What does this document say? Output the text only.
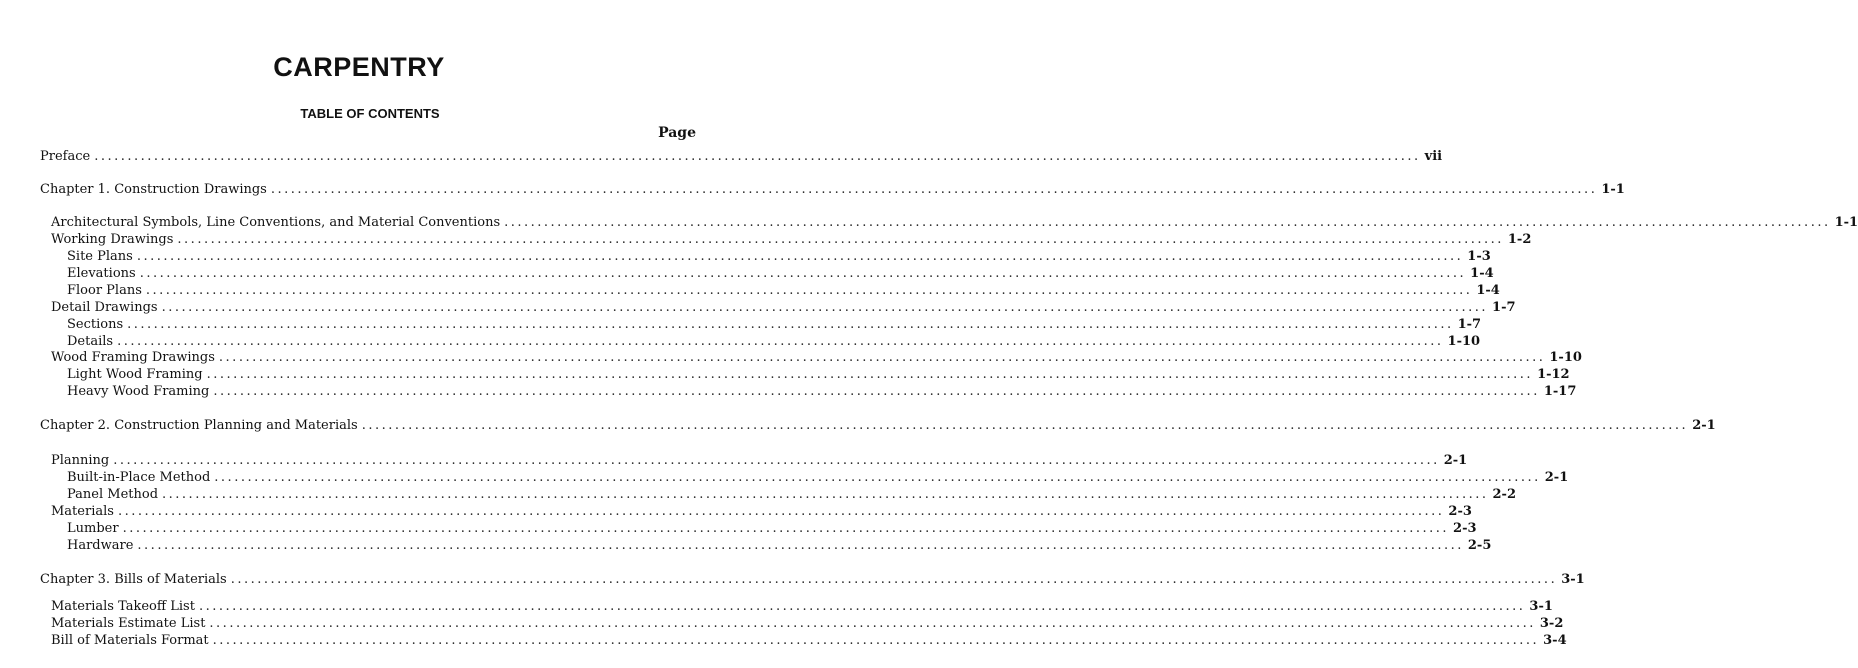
CARPENTRY
TABLE OF CONTENTS
Page
Preface ........................................................................................................................................................................................................ vii
Chapter 1. Construction Drawings ........................................................................................................................................................................................................ 1-1
Architectural Symbols, Line Conventions, and Material Conventions ........................................................................................................................................................................................................ 1-1
Working Drawings ........................................................................................................................................................................................................ 1-2
Site Plans ........................................................................................................................................................................................................ 1-3
Elevations ........................................................................................................................................................................................................ 1-4
Floor Plans ........................................................................................................................................................................................................ 1-4
Detail Drawings ........................................................................................................................................................................................................ 1-7
Sections ........................................................................................................................................................................................................ 1-7
Details ........................................................................................................................................................................................................ 1-10
Wood Framing Drawings ........................................................................................................................................................................................................ 1-10
Light Wood Framing ........................................................................................................................................................................................................ 1-12
Heavy Wood Framing ........................................................................................................................................................................................................ 1-17
Chapter 2. Construction Planning and Materials ........................................................................................................................................................................................................ 2-1
Planning ........................................................................................................................................................................................................ 2-1
Built-in-Place Method ........................................................................................................................................................................................................ 2-1
Panel Method ........................................................................................................................................................................................................ 2-2
Materials ........................................................................................................................................................................................................ 2-3
Lumber ........................................................................................................................................................................................................ 2-3
Hardware ........................................................................................................................................................................................................ 2-5
Chapter 3. Bills of Materials ........................................................................................................................................................................................................ 3-1
Materials Takeoff List ........................................................................................................................................................................................................ 3-1
Materials Estimate List ........................................................................................................................................................................................................ 3-2
Bill of Materials Format ........................................................................................................................................................................................................ 3-4
